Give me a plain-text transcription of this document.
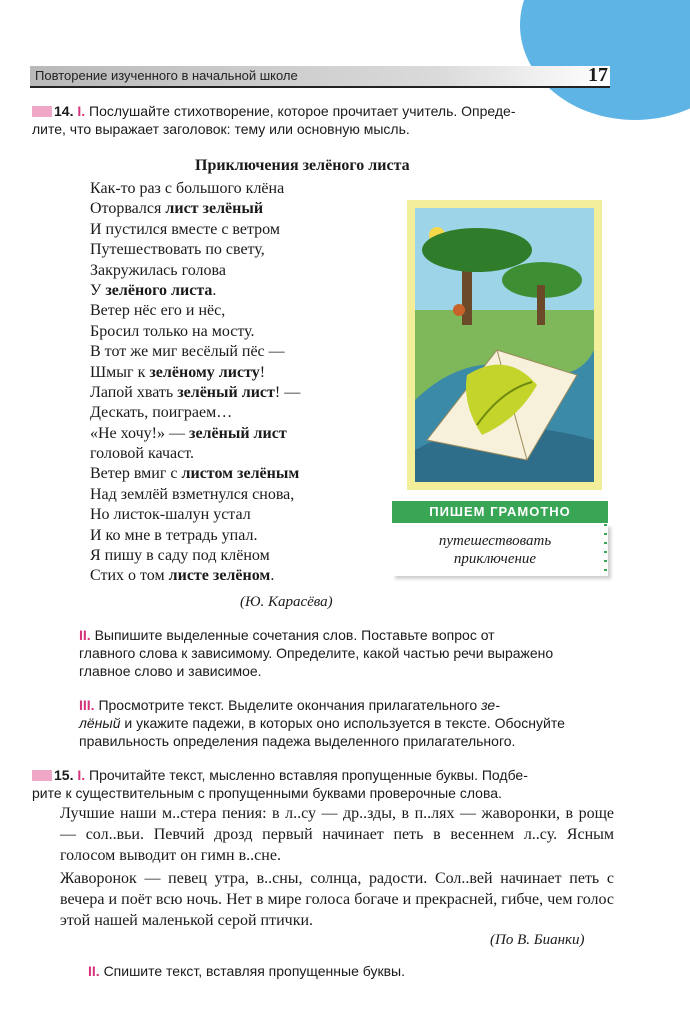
Повторение изученного в начальной школе	17
14. I. Послушайте стихотворение, которое прочитает учитель. Опреде-
лите, что выражает заголовок: тему или основную мысль.
Приключения зелёного листа
Как-то раз с большого клёна
Оторвался лист зелёный
И пустился вместе с ветром
Путешествовать по свету,
Закружилась голова
У зелёного листа.
Ветер нёс его и нёс,
Бросил только на мосту.
В тот же миг весёлый пёс —
Шмыг к зелёному листу!
Лапой хвать зелёный лист! —
Дескать, поиграем…
«Не хочу!» — зелёный лист
головой качаст.
Ветер вмиг с листом зелёным
Над землёй взметнулся снова,
Но листок-шалун устал
И ко мне в тетрадь упал.
Я пишу в саду под клёном
Стих о том листе зелёном.
(Ю. Карасёва)
ПИШЕМ ГРАМОТНО
путешествовать
приключение
II. Выпишите выделенные сочетания слов. Поставьте вопрос от
главного слова к зависимому. Определите, какой частью речи выражено
главное слово и зависимое.
III. Просмотрите текст. Выделите окончания прилагательного зе-
лёный и укажите падежи, в которых оно используется в тексте. Обоснуйте
правильность определения падежа выделенного прилагательного.
15. I. Прочитайте текст, мысленно вставляя пропущенные буквы. Подбе-
рите к существительным с пропущенными буквами проверочные слова.
Лучшие наши м..стера пения: в л..су — др..зды, в п..лях — жаворонки, в роще — сол..вьи. Певчий дрозд первый начинает петь в весеннем л..су. Ясным голосом выводит он гимн в..сне.
Жаворонок — певец утра, в..сны, солнца, радости. Сол..вей начинает петь с вечера и поёт всю ночь. Нет в мире голоса богаче и прекрасней, гибче, чем голос этой нашей маленькой серой птички.
(По В. Бианки)
II. Спишите текст, вставляя пропущенные буквы.
